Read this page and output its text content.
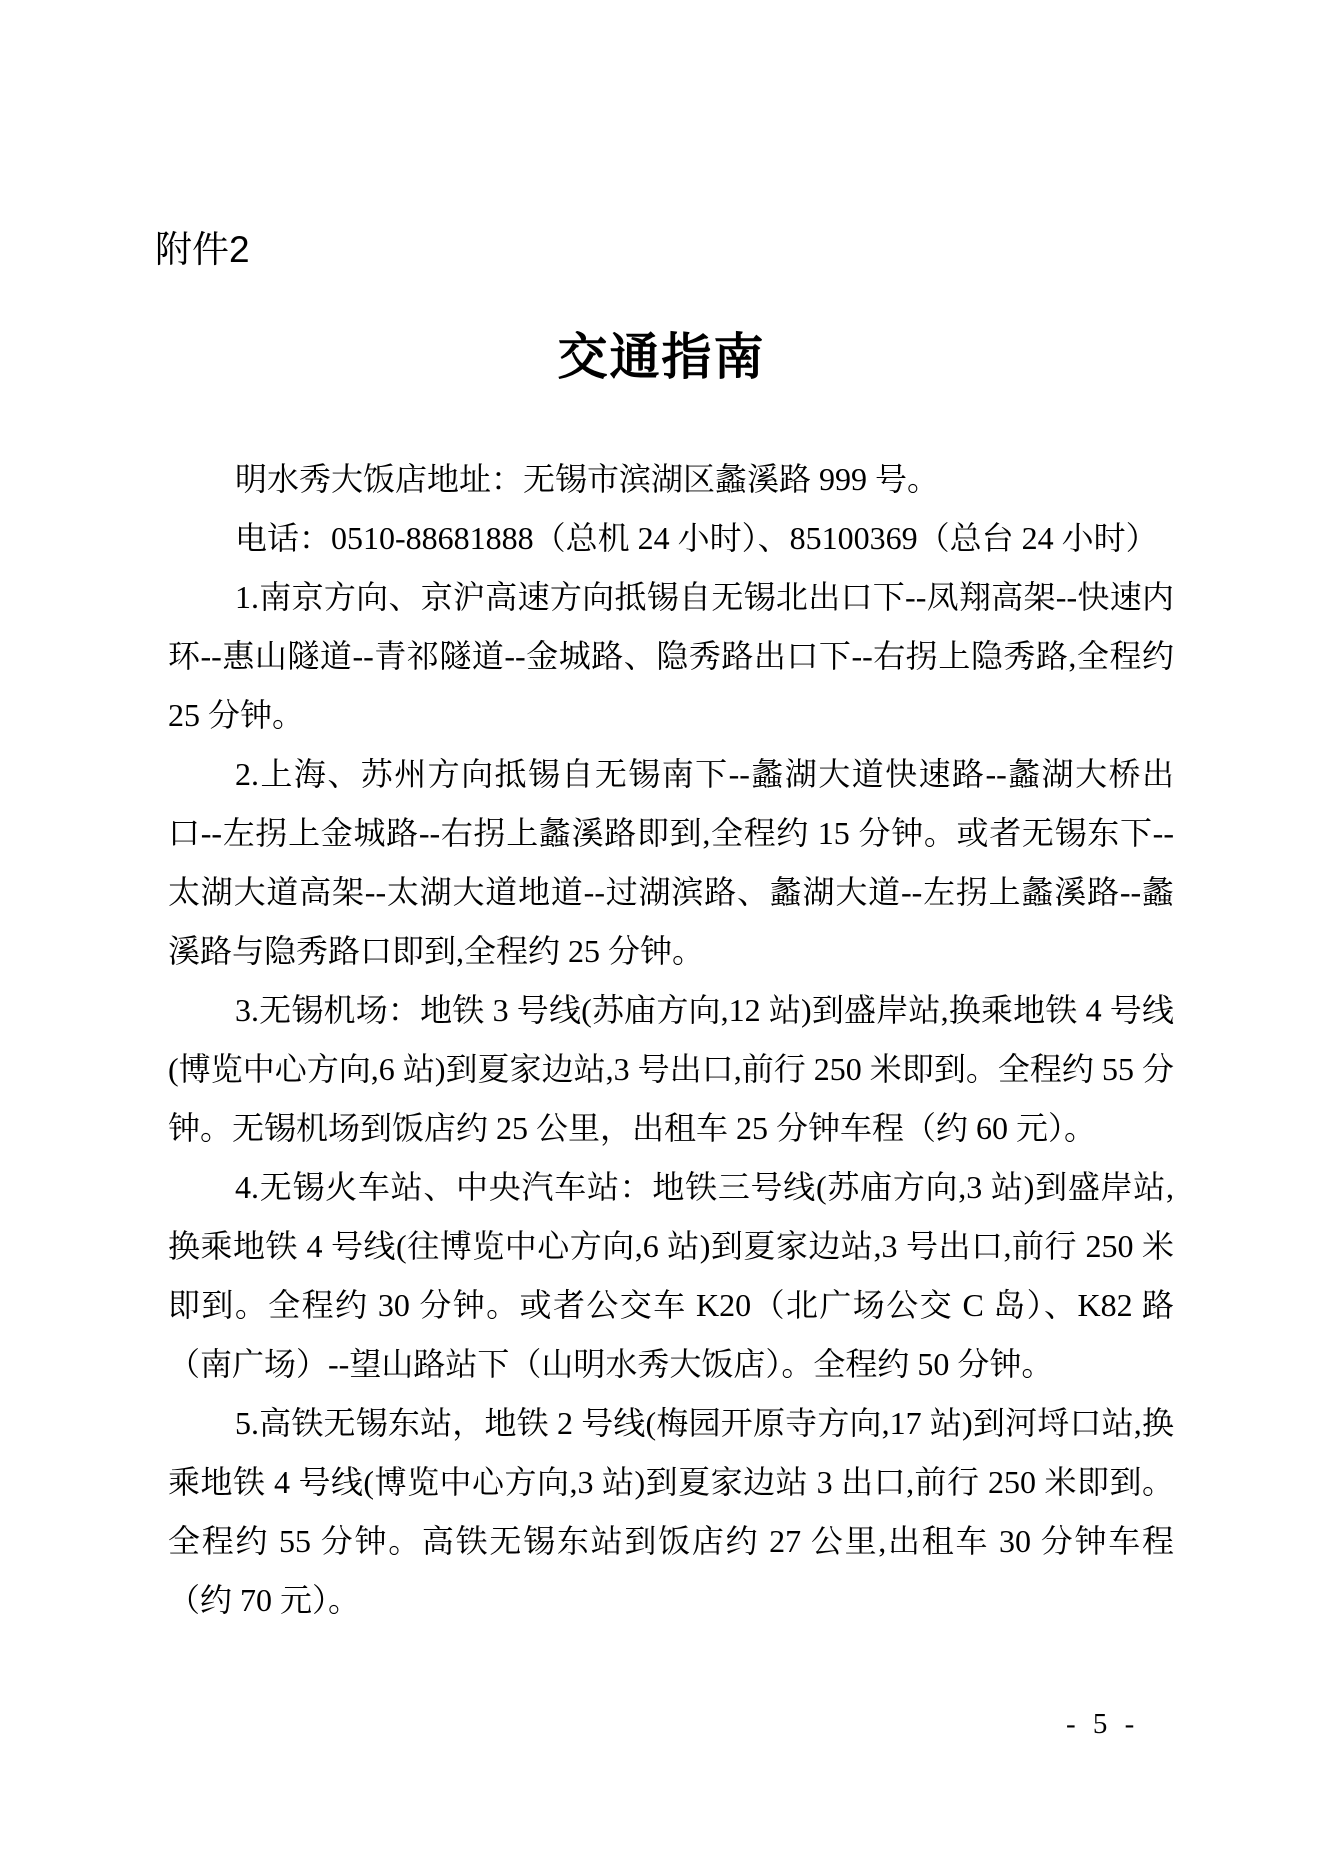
附件2
交通指南

明水秀大饭店地址：无锡市滨湖区蠡溪路 999 号。

电话：0510-88681888（总机 24 小时）、85100369（总台 24 小时）

1.南京方向、京沪高速方向抵锡自无锡北出口下--凤翔高架--快速内环--惠山隧道--青祁隧道--金城路、隐秀路出口下--右拐上隐秀路,全程约 25 分钟。

2.上海、苏州方向抵锡自无锡南下--蠡湖大道快速路--蠡湖大桥出口--左拐上金城路--右拐上蠡溪路即到,全程约 15 分钟。或者无锡东下--太湖大道高架--太湖大道地道--过湖滨路、蠡湖大道--左拐上蠡溪路--蠡溪路与隐秀路口即到,全程约 25 分钟。

3.无锡机场：地铁 3 号线(苏庙方向,12 站)到盛岸站,换乘地铁 4 号线(博览中心方向,6 站)到夏家边站,3 号出口,前行 250 米即到。全程约 55 分钟。无锡机场到饭店约 25 公里，出租车 25 分钟车程（约 60 元）。

4.无锡火车站、中央汽车站：地铁三号线(苏庙方向,3 站)到盛岸站,换乘地铁 4 号线(往博览中心方向,6 站)到夏家边站,3 号出口,前行 250 米即到。全程约 30 分钟。或者公交车 K20（北广场公交 C 岛）、K82 路（南广场）--望山路站下（山明水秀大饭店）。全程约 50 分钟。

5.高铁无锡东站，地铁 2 号线(梅园开原寺方向,17 站)到河埒口站,换乘地铁 4 号线(博览中心方向,3 站)到夏家边站 3 出口,前行 250 米即到。全程约 55 分钟。高铁无锡东站到饭店约 27 公里,出租车 30 分钟车程（约 70 元）。

- 5 -
